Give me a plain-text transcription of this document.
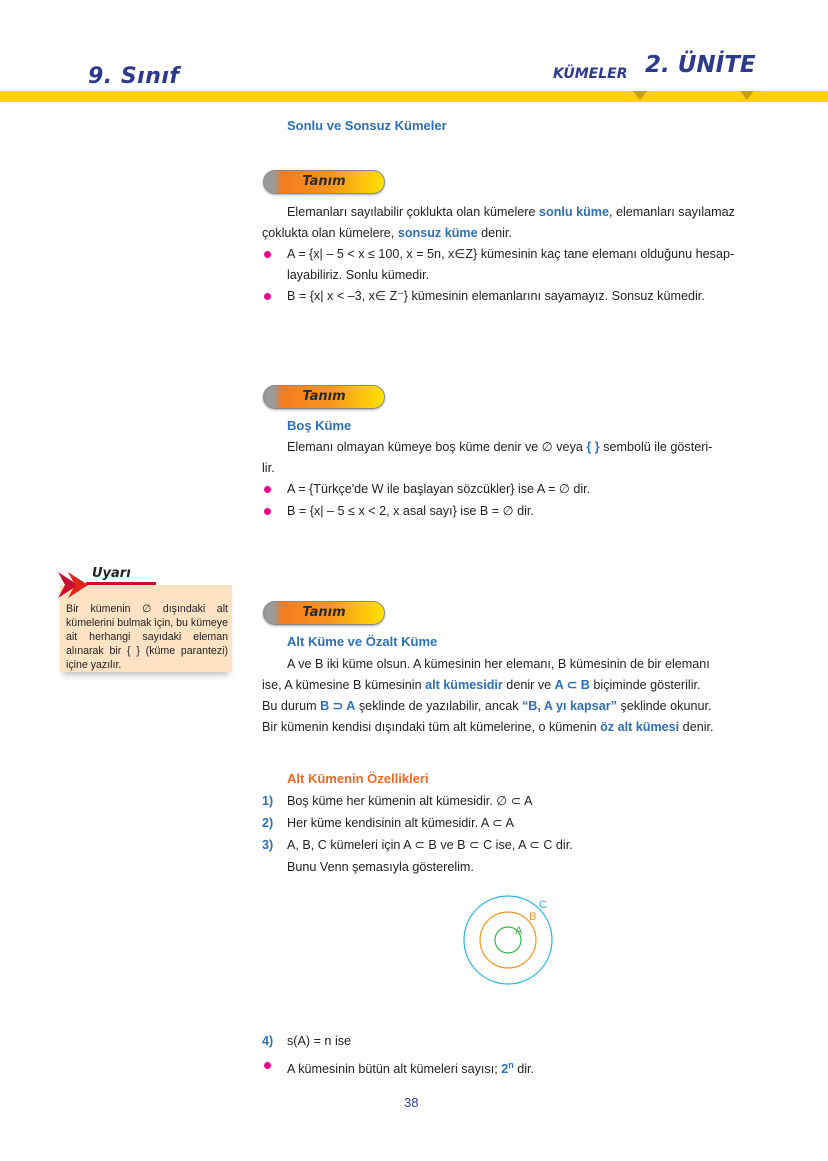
9. Sınıf	KÜMELER 2. ÜNİTE
Sonlu ve Sonsuz Kümeler
Tanım
Elemanları sayılabilir çoklukta olan kümelere sonlu küme, elemanları sayılamaz
çoklukta olan kümelere, sonsuz küme denir.
A = {x| – 5 < x ≤ 100, x = 5n, x∈Z} kümesinin kaç tane elemanı olduğunu hesap-
layabiliriz. Sonlu kümedir.
B = {x| x < –3, x∈ Z⁻} kümesinin elemanlarını sayamayız. Sonsuz kümedir.
Tanım
Boş Küme
Elemanı olmayan kümeye boş küme denir ve ∅ veya { } sembolü ile gösteri-
lir.
A = {Türkçe'de W ile başlayan sözcükler} ise A = ∅ dir.
B = {x| – 5 ≤ x < 2, x asal sayı} ise B = ∅ dir.
Uyarı
Bir kümenin ∅ dışındaki alt kümelerini bulmak için, bu kümeye ait herhangi sayıdaki eleman alınarak bir { } (küme parantezi) içine yazılır.
Tanım
Alt Küme ve Özalt Küme
A ve B iki küme olsun. A kümesinin her elemanı, B kümesinin de bir elemanı
ise, A kümesine B kümesinin alt kümesidir denir ve A ⊂ B biçiminde gösterilir.
Bu durum B ⊃ A şeklinde de yazılabilir, ancak “B, A yı kapsar” şeklinde okunur.
Bir kümenin kendisi dışındaki tüm alt kümelerine, o kümenin öz alt kümesi denir.
Alt Kümenin Özellikleri
1) Boş küme her kümenin alt kümesidir. ∅ ⊂ A
2) Her küme kendisinin alt kümesidir. A ⊂ A
3) A, B, C kümeleri için A ⊂ B ve B ⊂ C ise, A ⊂ C dir.
Bunu Venn şemasıyla gösterelim.
A
B
C
4) s(A) = n ise
A kümesinin bütün alt kümeleri sayısı; 2$^n$ dir.
38
